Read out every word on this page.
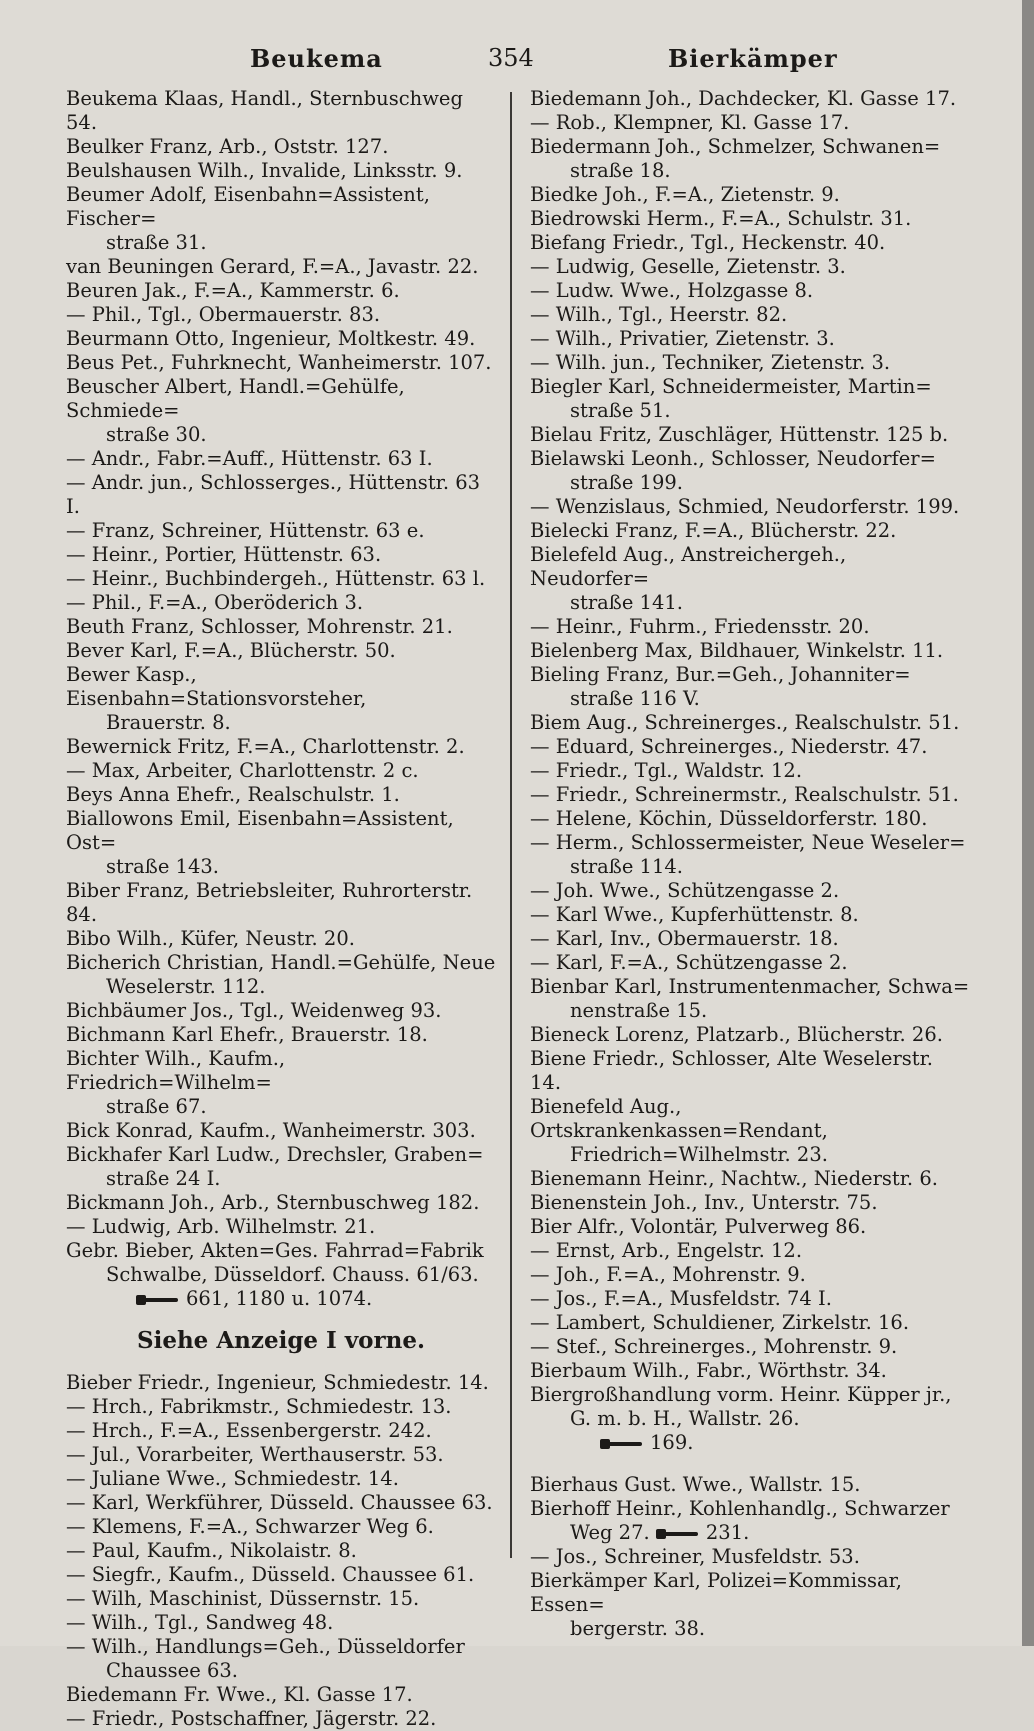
Beukema	354	Bierkämper
Beukema Klaas, Handl., Sternbuschweg 54.
Beulker Franz, Arb., Oststr. 127.
Beulshausen Wilh., Invalide, Linksstr. 9.
Beumer Adolf, Eisenbahn=Assistent, Fischer=
straße 31.
van Beuningen Gerard, F.=A., Javastr. 22.
Beuren Jak., F.=A., Kammerstr. 6.
— Phil., Tgl., Obermauerstr. 83.
Beurmann Otto, Ingenieur, Moltkestr. 49.
Beus Pet., Fuhrknecht, Wanheimerstr. 107.
Beuscher Albert, Handl.=Gehülfe, Schmiede=
straße 30.
— Andr., Fabr.=Auff., Hüttenstr. 63 I.
— Andr. jun., Schlosserges., Hüttenstr. 63 I.
— Franz, Schreiner, Hüttenstr. 63 e.
— Heinr., Portier, Hüttenstr. 63.
— Heinr., Buchbindergeh., Hüttenstr. 63 l.
— Phil., F.=A., Oberöderich 3.
Beuth Franz, Schlosser, Mohrenstr. 21.
Bever Karl, F.=A., Blücherstr. 50.
Bewer Kasp., Eisenbahn=Stationsvorsteher,
Brauerstr. 8.
Bewernick Fritz, F.=A., Charlottenstr. 2.
— Max, Arbeiter, Charlottenstr. 2 c.
Beys Anna Ehefr., Realschulstr. 1.
Biallowons Emil, Eisenbahn=Assistent, Ost=
straße 143.
Biber Franz, Betriebsleiter, Ruhrorterstr. 84.
Bibo Wilh., Küfer, Neustr. 20.
Bicherich Christian, Handl.=Gehülfe, Neue
Weselerstr. 112.
Bichbäumer Jos., Tgl., Weidenweg 93.
Bichmann Karl Ehefr., Brauerstr. 18.
Bichter Wilh., Kaufm., Friedrich=Wilhelm=
straße 67.
Bick Konrad, Kaufm., Wanheimerstr. 303.
Bickhafer Karl Ludw., Drechsler, Graben=
straße 24 I.
Bickmann Joh., Arb., Sternbuschweg 182.
— Ludwig, Arb. Wilhelmstr. 21.
Gebr. Bieber, Akten=Ges. Fahrrad=Fabrik
Schwalbe, Düsseldorf. Chauss. 61/63.
661, 1180 u. 1074.

Siehe Anzeige I vorne.

Bieber Friedr., Ingenieur, Schmiedestr. 14.
— Hrch., Fabrikmstr., Schmiedestr. 13.
— Hrch., F.=A., Essenbergerstr. 242.
— Jul., Vorarbeiter, Werthauserstr. 53.
— Juliane Wwe., Schmiedestr. 14.
— Karl, Werkführer, Düsseld. Chaussee 63.
— Klemens, F.=A., Schwarzer Weg 6.
— Paul, Kaufm., Nikolaistr. 8.
— Siegfr., Kaufm., Düsseld. Chaussee 61.
— Wilh, Maschinist, Düssernstr. 15.
— Wilh., Tgl., Sandweg 48.
— Wilh., Handlungs=Geh., Düsseldorfer
Chaussee 63.
Biedemann Fr. Wwe., Kl. Gasse 17.
— Friedr., Postschaffner, Jägerstr. 22.
Biedemann Joh., Dachdecker, Kl. Gasse 17.
— Rob., Klempner, Kl. Gasse 17.
Biedermann Joh., Schmelzer, Schwanen=
straße 18.
Biedke Joh., F.=A., Zietenstr. 9.
Biedrowski Herm., F.=A., Schulstr. 31.
Biefang Friedr., Tgl., Heckenstr. 40.
— Ludwig, Geselle, Zietenstr. 3.
— Ludw. Wwe., Holzgasse 8.
— Wilh., Tgl., Heerstr. 82.
— Wilh., Privatier, Zietenstr. 3.
— Wilh. jun., Techniker, Zietenstr. 3.
Biegler Karl, Schneidermeister, Martin=
straße 51.
Bielau Fritz, Zuschläger, Hüttenstr. 125 b.
Bielawski Leonh., Schlosser, Neudorfer=
straße 199.
— Wenzislaus, Schmied, Neudorferstr. 199.
Bielecki Franz, F.=A., Blücherstr. 22.
Bielefeld Aug., Anstreichergeh., Neudorfer=
straße 141.
— Heinr., Fuhrm., Friedensstr. 20.
Bielenberg Max, Bildhauer, Winkelstr. 11.
Bieling Franz, Bur.=Geh., Johanniter=
straße 116 V.
Biem Aug., Schreinerges., Realschulstr. 51.
— Eduard, Schreinerges., Niederstr. 47.
— Friedr., Tgl., Waldstr. 12.
— Friedr., Schreinermstr., Realschulstr. 51.
— Helene, Köchin, Düsseldorferstr. 180.
— Herm., Schlossermeister, Neue Weseler=
straße 114.
— Joh. Wwe., Schützengasse 2.
— Karl Wwe., Kupferhüttenstr. 8.
— Karl, Inv., Obermauerstr. 18.
— Karl, F.=A., Schützengasse 2.
Bienbar Karl, Instrumentenmacher, Schwa=
nenstraße 15.
Bieneck Lorenz, Platzarb., Blücherstr. 26.
Biene Friedr., Schlosser, Alte Weselerstr. 14.
Bienefeld Aug., Ortskrankenkassen=Rendant,
Friedrich=Wilhelmstr. 23.
Bienemann Heinr., Nachtw., Niederstr. 6.
Bienenstein Joh., Inv., Unterstr. 75.
Bier Alfr., Volontär, Pulverweg 86.
— Ernst, Arb., Engelstr. 12.
— Joh., F.=A., Mohrenstr. 9.
— Jos., F.=A., Musfeldstr. 74 I.
— Lambert, Schuldiener, Zirkelstr. 16.
— Stef., Schreinerges., Mohrenstr. 9.
Bierbaum Wilh., Fabr., Wörthstr. 34.
Biergroßhandlung vorm. Heinr. Küpper jr.,
G. m. b. H., Wallstr. 26.
169.
Bierhaus Gust. Wwe., Wallstr. 15.
Bierhoff Heinr., Kohlenhandlg., Schwarzer
Weg 27.	231.
— Jos., Schreiner, Musfeldstr. 53.
Bierkämper Karl, Polizei=Kommissar, Essen=
bergerstr. 38.
